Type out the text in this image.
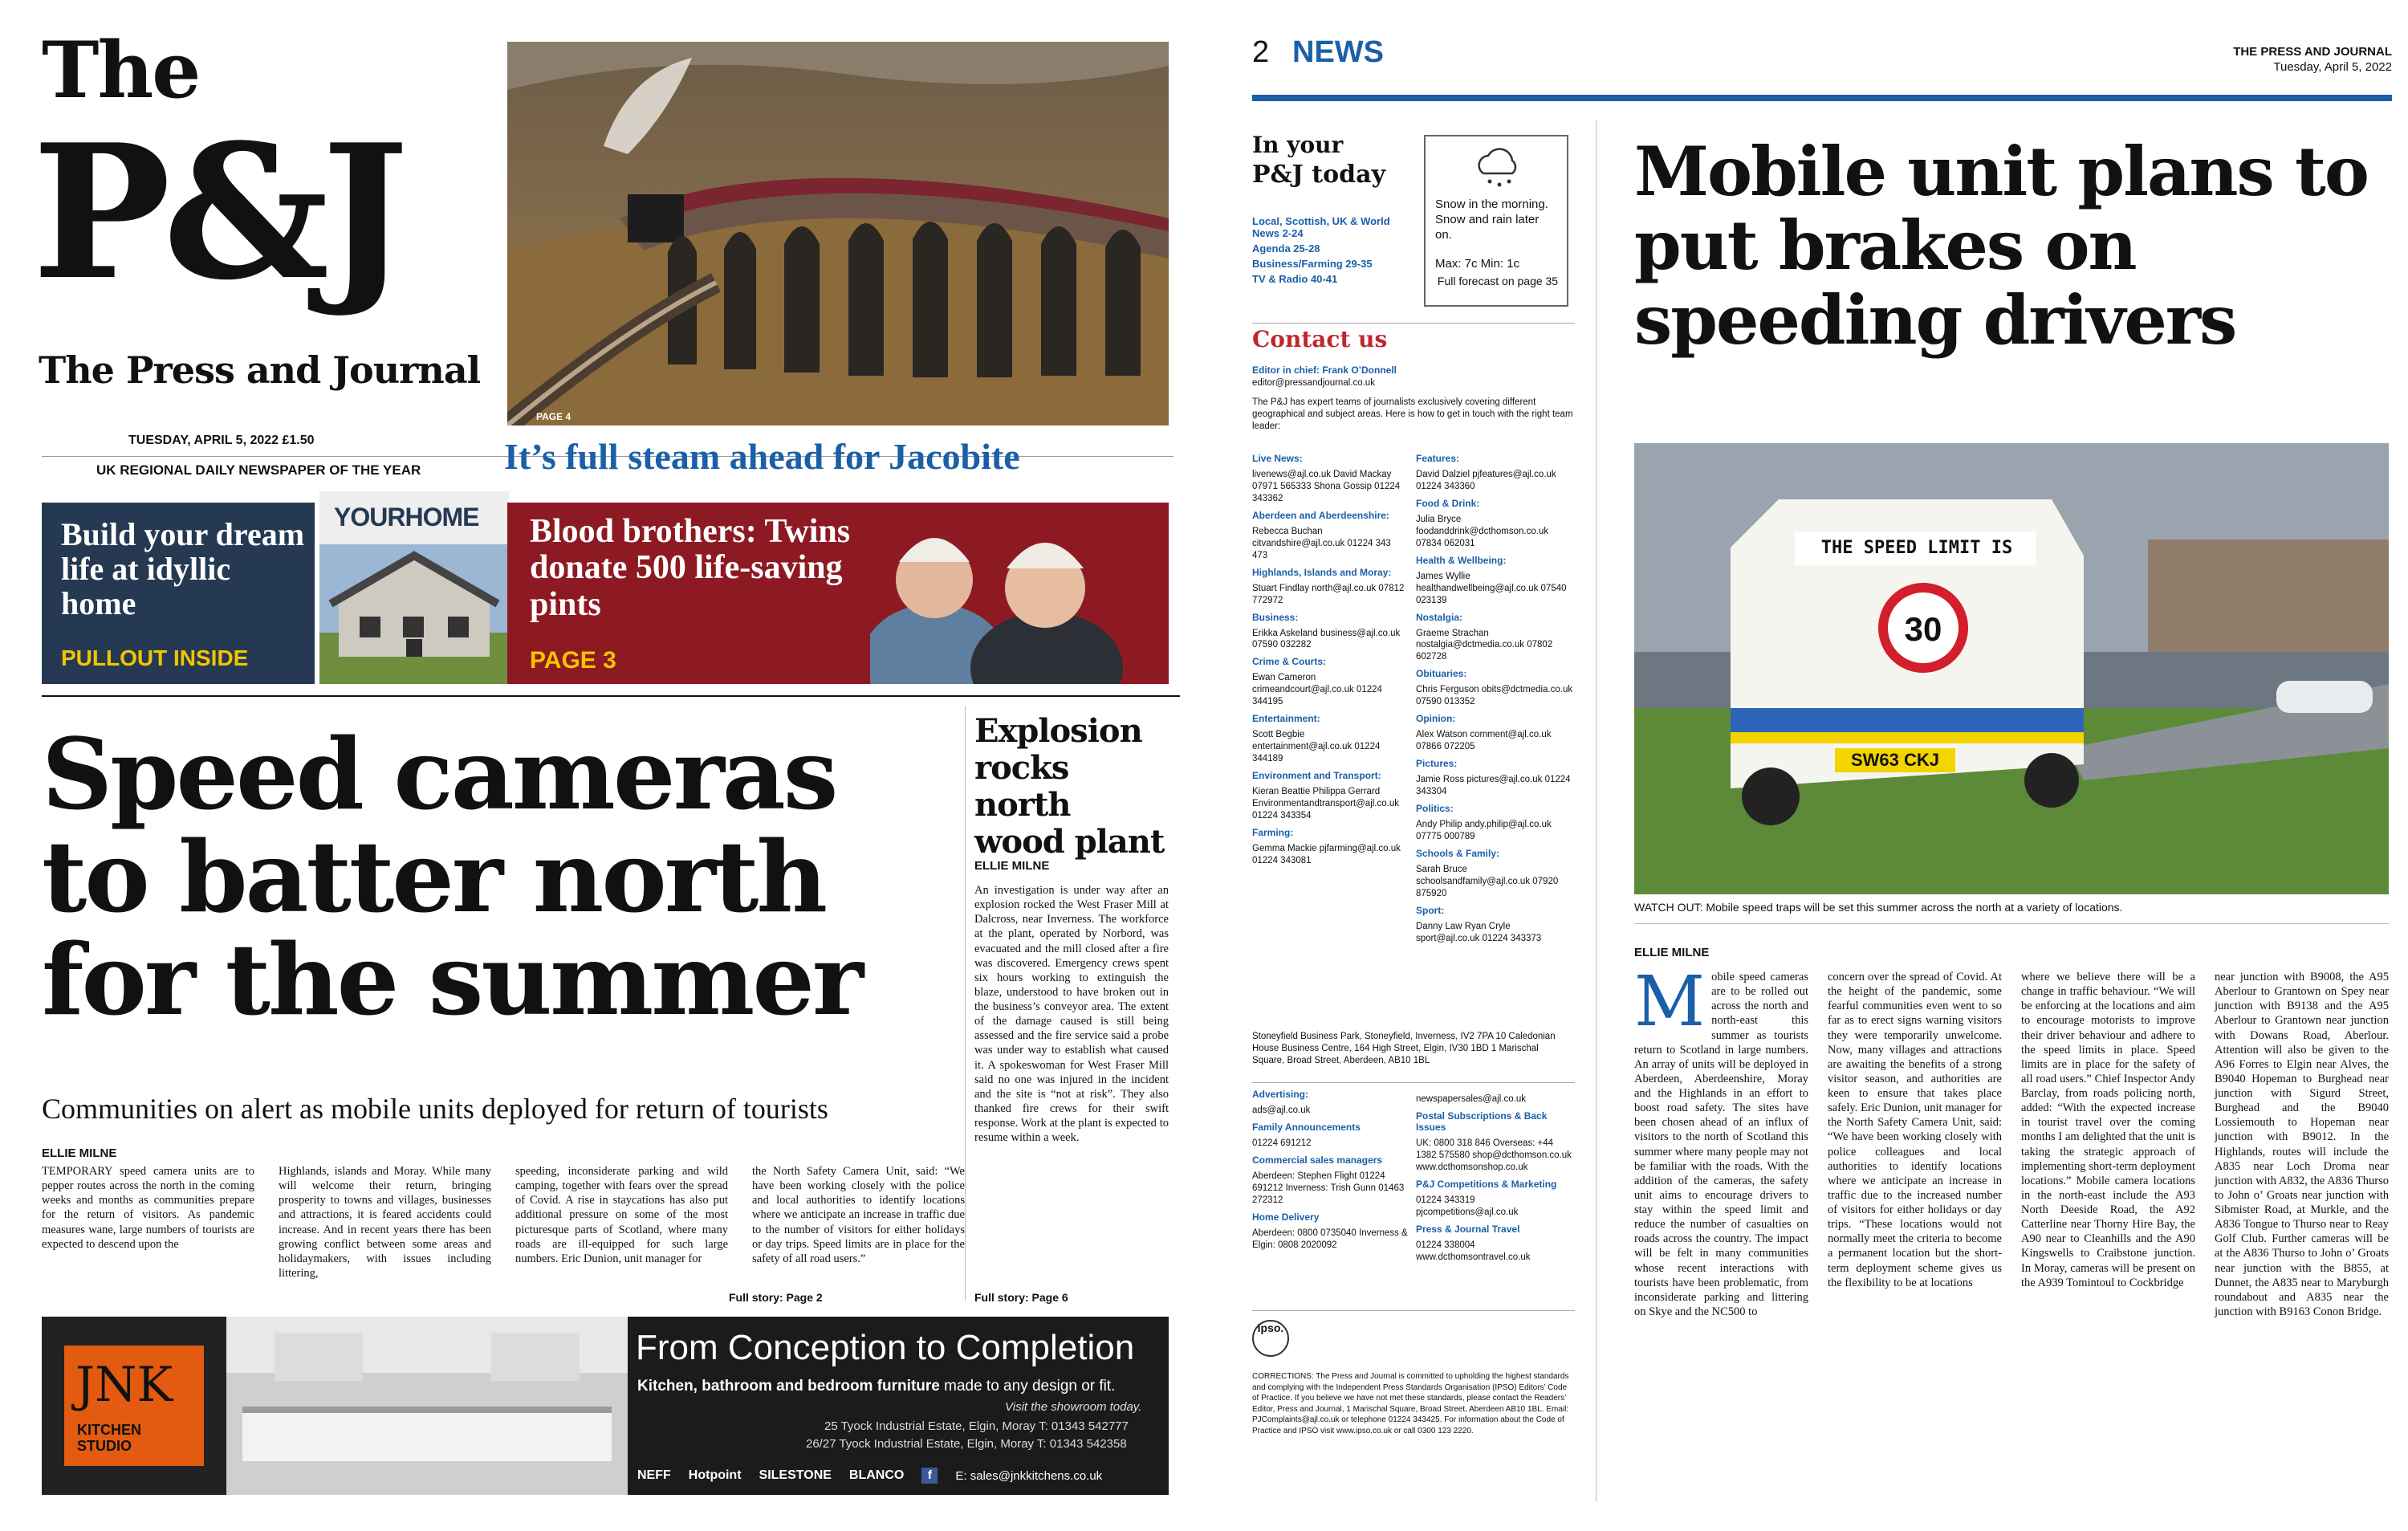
The
P&J
The Press and Journal
TUESDAY, APRIL 5, 2022 £1.50
UK REGIONAL DAILY NEWSPAPER OF THE YEAR
PAGE 4
It’s full steam ahead for Jacobite
Build your dream life at idyllic home
PULLOUT INSIDE
YOURHOME Blood brothers: Twins donate 500 life-saving pints
PAGE 3
Speed cameras to batter north for the summer
Communities on alert as mobile units deployed for return of tourists
ELLIE MILNE
TEMPORARY speed camera units are to pepper routes across the north in the coming weeks and months as communities prepare for the return of visitors. As pandemic measures wane, large numbers of tourists are expected to descend upon the
Highlands, islands and Moray. While many will welcome their return, bringing prosperity to towns and villages, businesses and attractions, it is feared accidents could increase. And in recent years there has been growing conflict between some areas and holidaymakers, with issues including littering,
speeding, inconsiderate parking and wild camping, together with fears over the spread of Covid. A rise in staycations has also put additional pressure on some of the most picturesque parts of Scotland, where many roads are ill-equipped for such large numbers. Eric Dunion, unit manager for
the North Safety Camera Unit, said: “We have been working closely with the police and local authorities to identify locations where we anticipate an increase in traffic due to the number of visitors for either holidays or day trips. Speed limits are in place for the safety of all road users.”
Full story: Page 2
Explosion rocks north wood plant
ELLIE MILNE
An investigation is under way after an explosion rocked the West Fraser Mill at Dalcross, near Inverness. The workforce at the plant, operated by Norbord, was evacuated and the mill closed after a fire was discovered. Emergency crews spent six hours working to extinguish the blaze, understood to have broken out in the business’s conveyor area. The extent of the damage caused is still being assessed and the fire service said a probe was under way to establish what caused it. A spokeswoman for West Fraser Mill said no one was injured in the incident and the site is “not at risk”. They also thanked fire crews for their swift response. Work at the plant is expected to resume within a week.
Full story: Page 6
JNK
KITCHEN STUDIO
From Conception to Completion
Kitchen, bathroom and bedroom furniture made to any design or fit.
Visit the showroom today.
25 Tyock Industrial Estate, Elgin, Moray T: 01343 542777
26/27 Tyock Industrial Estate, Elgin, Moray T: 01343 542358
NEFF Hotpoint SILESTONE BLANCO	f	E: sales@jnkkitchens.co.uk
2 NEWS	THE PRESS AND JOURNAL
Tuesday, April 5, 2022
In your
P&J today
Local, Scottish, UK & World News 2-24
Agenda 25-28
Business/Farming 29-35
TV & Radio 40-41
Snow in the morning. Snow and rain later on.
Max: 7c Min: 1c
Full forecast on page 35
Contact us
Editor in chief: Frank O’Donnell
editor@pressandjournal.co.uk
The P&J has expert teams of journalists exclusively covering different geographical and subject areas. Here is how to get in touch with the right team leader:
Live News:
livenews@ajl.co.uk David Mackay 07971 565333 Shona Gossip 01224 343362
Aberdeen and Aberdeenshire:
Rebecca Buchan citvandshire@ajl.co.uk 01224 343 473
Highlands, Islands and Moray:
Stuart Findlay north@ajl.co.uk 07812 772972
Business:
Erikka Askeland business@ajl.co.uk 07590 032282
Crime & Courts:
Ewan Cameron crimeandcourt@ajl.co.uk 01224 344195
Entertainment:
Scott Begbie entertainment@ajl.co.uk 01224 344189
Environment and Transport:
Kieran Beattie Philippa Gerrard Environmentandtransport@ajl.co.uk 01224 343354
Farming:
Gemma Mackie pjfarming@ajl.co.uk 01224 343081
Features:
David Dalziel pjfeatures@ajl.co.uk 01224 343360
Food & Drink:
Julia Bryce foodanddrink@dcthomson.co.uk 07834 062031
Health & Wellbeing:
James Wyllie healthandwellbeing@ajl.co.uk 07540 023139
Nostalgia:
Graeme Strachan nostalgia@dctmedia.co.uk 07802 602728
Obituaries:
Chris Ferguson obits@dctmedia.co.uk 07590 013352
Opinion:
Alex Watson comment@ajl.co.uk 07866 072205
Pictures:
Jamie Ross pictures@ajl.co.uk 01224 343304
Politics:
Andy Philip andy.philip@ajl.co.uk 07775 000789
Schools & Family:
Sarah Bruce schoolsandfamily@ajl.co.uk 07920 875920
Sport:
Danny Law Ryan Cryle sport@ajl.co.uk 01224 343373
Stoneyfield Business Park, Stoneyfield, Inverness, IV2 7PA 10 Caledonian House Business Centre, 164 High Street, Elgin, IV30 1BD 1 Marischal Square, Broad Street, Aberdeen, AB10 1BL
Advertising:
ads@ajl.co.uk
Family Announcements
01224 691212
Commercial sales managers
Aberdeen: Stephen Flight 01224 691212 Inverness: Trish Gunn 01463 272312
Home Delivery
Aberdeen: 0800 0735040 Inverness & Elgin: 0808 2020092
newspapersales@ajl.co.uk
Postal Subscriptions & Back Issues
UK: 0800 318 846 Overseas: +44 1382 575580 shop@dcthomson.co.uk www.dcthomsonshop.co.uk
P&J Competitions & Marketing
01224 343319 pjcompetitions@ajl.co.uk
Press & Journal Travel
01224 338004 www.dcthomsontravel.co.uk
ipso.
CORRECTIONS: The Press and Journal is committed to upholding the highest standards and complying with the Independent Press Standards Organisation (IPSO) Editors’ Code of Practice. If you believe we have not met these standards, please contact the Readers’ Editor, Press and Journal, 1 Marischal Square, Broad Street, Aberdeen AB10 1BL. Email: PJComplaints@ajl.co.uk or telephone 01224 343425. For information about the Code of Practice and IPSO visit www.ipso.co.uk or call 0300 123 2220.
Mobile unit plans to put brakes on speeding drivers
THE SPEED LIMIT IS
30
SW63 CKJ
WATCH OUT: Mobile speed traps will be set this summer across the north at a variety of locations.
ELLIE MILNE
Mobile speed cameras are to be rolled out across the north and north-east this summer as tourists return to Scotland in large numbers. An array of units will be deployed in Aberdeen, Aberdeenshire, Moray and the Highlands in an effort to boost road safety. The sites have been chosen ahead of an influx of visitors to the north of Scotland this summer where many people may not be familiar with the roads. With the addition of the cameras, the safety unit aims to encourage drivers to stay within the speed limit and reduce the number of casualties on roads across the country. The impact will be felt in many communities whose recent interactions with tourists have been problematic, from inconsiderate parking and littering on Skye and the NC500 to
concern over the spread of Covid. At the height of the pandemic, some fearful communities even went to so far as to erect signs warning visitors they were temporarily unwelcome. Now, many villages and attractions are awaiting the benefits of a strong visitor season, and authorities are keen to ensure that takes place safely. Eric Dunion, unit manager for the North Safety Camera Unit, said: “We have been working closely with police colleagues and local authorities to identify locations where we anticipate an increase in traffic due to the increased number of visitors for either holidays or day trips. “These locations would not normally meet the criteria to become a permanent location but the short-term deployment scheme gives us the flexibility to be at locations
where we believe there will be a change in traffic behaviour. “We will be enforcing at the locations and aim to encourage motorists to improve their driver behaviour and adhere to the speed limits in place. Speed limits are in place for the safety of all road users.” Chief Inspector Andy Barclay, from roads policing north, added: “With the expected increase in tourist travel over the coming months I am delighted that the unit is taking the strategic approach of implementing short-term deployment locations.” Mobile camera locations in the north-east include the A93 North Deeside Road, the A92 Catterline near Thorny Hire Bay, the A90 near to Cleanhills and the A90 Kingswells to Craibstone junction. In Moray, cameras will be present on the A939 Tomintoul to Cockbridge
near junction with B9008, the A95 Aberlour to Grantown on Spey near junction with B9138 and the A95 Aberlour to Grantown near junction with Dowans Road, Aberlour. Attention will also be given to the A96 Forres to Elgin near Alves, the B9040 Hopeman to Burghead near junction with Sigurd Street, Burghead and the B9040 Lossiemouth to Hopeman near junction with B9012. In the Highlands, routes will include the A835 near Loch Droma near junction with A832, the A836 Thurso to John o’ Groats near junction with Sibmister Road, at Murkle, and the A836 Tongue to Thurso near to Reay Golf Club. Further cameras will be at the A836 Thurso to John o’ Groats near junction with the B855, at Dunnet, the A835 near to Maryburgh roundabout and A835 near the junction with B9163 Conon Bridge.
